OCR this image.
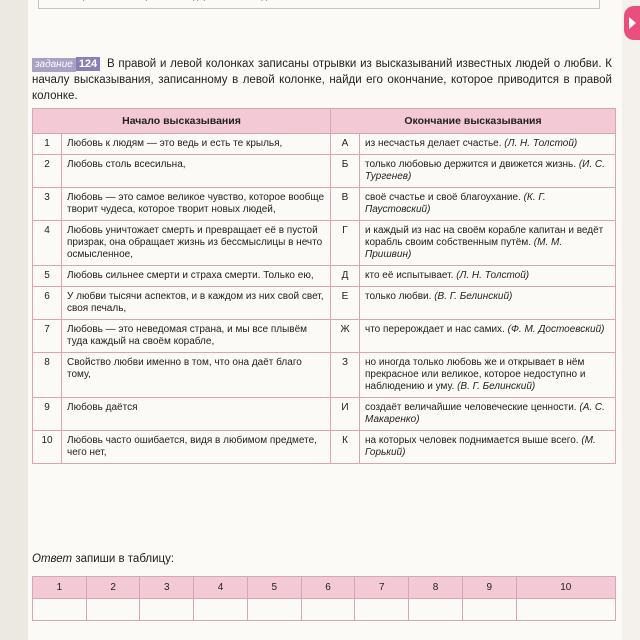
задание 124 В правой и левой колонках записаны отрывки из высказываний известных людей о любви. К началу высказывания, записанному в левой колонке, найди его окончание, которое приводится в правой колонке.
Начало высказывания		Окончание высказывания	
1	Любовь к людям — это ведь и есть те крылья,	А	из несчастья делает счастье. (Л. Н. Толстой)
2	Любовь столь всесильна,	Б	только любовью держится и движется жизнь. (И. С. Тургенев)
3	Любовь — это самое великое чувство, которое вообще творит чудеса, которое творит новых людей,	В	своё счастье и своё благоухание. (К. Г. Паустовский)
4	Любовь уничтожает смерть и превращает её в пустой призрак, она обращает жизнь из бессмыслицы в нечто осмысленное,	Г	и каждый из нас на своём корабле капитан и ведёт корабль своим собственным путём. (М. М. Пришвин)
5	Любовь сильнее смерти и страха смерти. Только ею,	Д	кто её испытывает. (Л. Н. Толстой)
6	У любви тысячи аспектов, и в каждом из них свой свет, своя печаль,	Е	только любви. (В. Г. Белинский)
7	Любовь — это неведомая страна, и мы все плывём туда каждый на своём корабле,	Ж	что перерождает и нас самих. (Ф. М. Достоевский)
8	Свойство любви именно в том, что она даёт благо тому,	З	но иногда только любовь же и открывает в нём прекрасное или великое, которое недоступно и наблюдению и уму. (В. Г. Белинский)
9	Любовь даётся	И	создаёт величайшие человеческие ценности. (А. С. Макаренко)
10	Любовь часто ошибается, видя в любимом предмете, чего нет,	К	на которых человек поднимается выше всего. (М. Горький)
Ответ запиши в таблицу:
1	2	3	4	5	6	7	8	9	10
